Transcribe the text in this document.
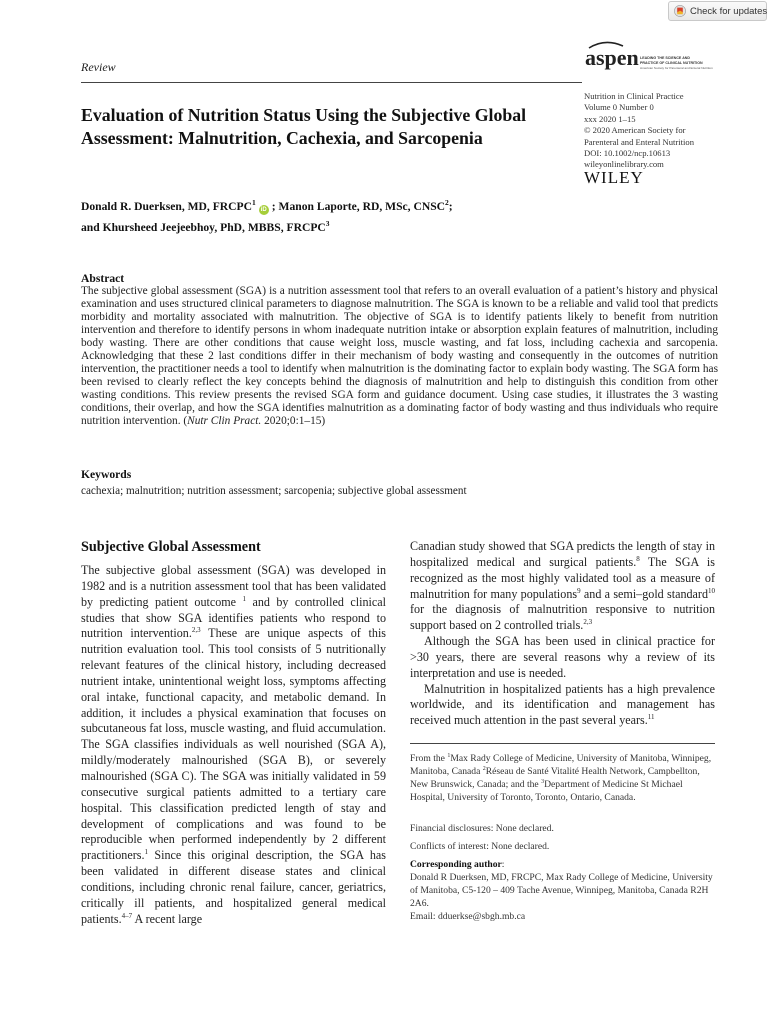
Check for updates
Review	aspen LEADING THE SCIENCE AND
PRACTICE OF CLINICAL NUTRITION
American Society for Parenteral and Enteral Nutrition
Evaluation of Nutrition Status Using the Subjective Global
Assessment: Malnutrition, Cachexia, and Sarcopenia
Nutrition in Clinical Practice
Volume 0 Number 0
xxx 2020 1–15
© 2020 American Society for
Parenteral and Enteral Nutrition
DOI: 10.1002/ncp.10613
wileyonlinelibrary.com
WILEY
Donald R. Duerksen, MD, FRCPC$^1$iD ; Manon Laporte, RD, MSc, CNSC$^2$;
and Khursheed Jeejeebhoy, PhD, MBBS, FRCPC$^3$
Abstract
The subjective global assessment (SGA) is a nutrition assessment tool that refers to an overall evaluation of a patient’s history and physical examination and uses structured clinical parameters to diagnose malnutrition. The SGA is known to be a reliable and valid tool that predicts morbidity and mortality associated with malnutrition. The objective of SGA is to identify patients likely to benefit from nutrition intervention and therefore to identify persons in whom inadequate nutrition intake or absorption explain features of malnutrition, including body wasting. There are other conditions that cause weight loss, muscle wasting, and fat loss, including cachexia and sarcopenia. Acknowledging that these 2 last conditions differ in their mechanism of body wasting and consequently in the outcomes of nutrition intervention, the practitioner needs a tool to identify when malnutrition is the dominating factor to explain body wasting. The SGA form has been revised to clearly reflect the key concepts behind the diagnosis of malnutrition and help to distinguish this condition from other wasting conditions. This review presents the revised SGA form and guidance document. Using case studies, it illustrates the 3 wasting conditions, their overlap, and how the SGA identifies malnutrition as a dominating factor of body wasting and thus individuals who require nutrition intervention. (Nutr Clin Pract. 2020;0:1–15)
Keywords
cachexia; malnutrition; nutrition assessment; sarcopenia; subjective global assessment
Subjective Global Assessment

The subjective global assessment (SGA) was developed in 1982 and is a nutrition assessment tool that has been validated by predicting patient outcome $^1$ and by controlled clinical studies that show SGA identifies patients who respond to nutrition intervention.$^{2,3}$ These are unique aspects of this nutrition evaluation tool. This tool consists of 5 nutritionally relevant features of the clinical history, including decreased nutrient intake, unintentional weight loss, symptoms affecting oral intake, functional capacity, and metabolic demand. In addition, it includes a physical examination that focuses on subcutaneous fat loss, muscle wasting, and fluid accumulation. The SGA classifies individuals as well nourished (SGA A), mildly/moderately malnourished (SGA B), or severely malnourished (SGA C). The SGA was initially validated in 59 consecutive surgical patients admitted to a tertiary care hospital. This classification predicted length of stay and development of complications and was found to be reproducible when performed independently by 2 different practitioners.$^1$ Since this original description, the SGA has been validated in different disease states and clinical conditions, including chronic renal failure, cancer, geriatrics, critically ill patients, and hospitalized general medical patients.$^{4-7}$ A recent large

Canadian study showed that SGA predicts the length of stay in hospitalized medical and surgical patients.$^8$ The SGA is recognized as the most highly validated tool as a measure of malnutrition for many populations$^9$ and a semi–gold standard$^{10}$ for the diagnosis of malnutrition responsive to nutrition support based on 2 controlled trials.$^{2,3}$

Although the SGA has been used in clinical practice for >30 years, there are several reasons why a review of its interpretation and use is needed.

Malnutrition in hospitalized patients has a high prevalence worldwide, and its identification and management has received much attention in the past several years.$^{11}$

From the $^1$Max Rady College of Medicine, University of Manitoba, Winnipeg, Manitoba, Canada $^2$Réseau de Santé Vitalité Health Network, Campbellton, New Brunswick, Canada; and the $^3$Department of Medicine St Michael Hospital, University of Toronto, Toronto, Ontario, Canada.
Financial disclosures: None declared.
Conflicts of interest: None declared.
Corresponding author:
Donald R Duerksen, MD, FRCPC, Max Rady College of Medicine, University of Manitoba, C5-120 – 409 Tache Avenue, Winnipeg, Manitoba, Canada R2H 2A6.
Email: dduerkse@sbgh.mb.ca
